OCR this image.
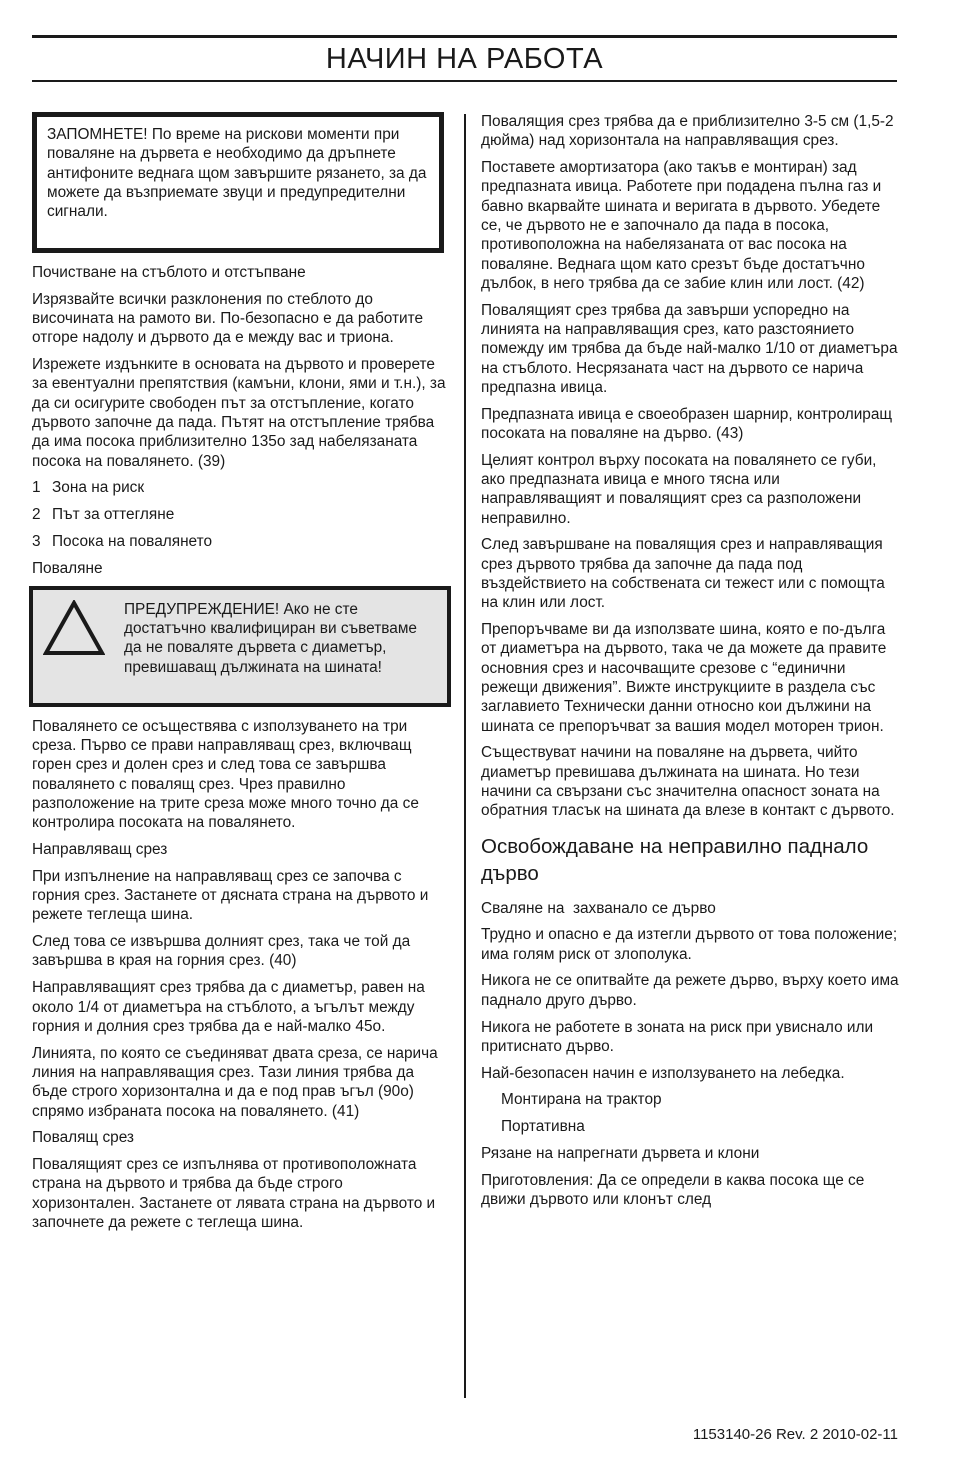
НАЧИН НА РАБОТА
ЗАПОМНЕТЕ! По време на рискови моменти при поваляне на дървета е необходимо да дръпнете антифоните веднага щом завършите рязането, за да можете да възприемате звуци и предупредителни сигнали.

Почистване на стъблото и отстъпване

Изрязвайте всички разклонения по стеблото до височината на рамото ви. По-безопасно е да работите отгоре надолу и дървото да е между вас и триона.

Изрежете издънките в основата на дървото и проверете за евентуални препятствия (камъни, клони, ями и т.н.), за да си осигурите свободен път за отстъпление, когато дървото започне да пада. Пътят на отстъпление трябва да има посока приблизително 135о зад набелязаната посока на повалянето. (39)

1 Зона на риск
2 Път за оттегляне
3 Посока на повалянето

Поваляне

ПРЕДУПРЕЖДЕНИЕ! Ако не сте достатъчно квалифициран ви съветваме да не поваляте дървета с диаметър, превишаващ дължината на шината!

Повалянето се осъществява с използуването на три среза. Първо се прави направляващ срез, включващ горен срез и долен срез и след това се завършва повалянето с повалящ срез. Чрез правилно разположение на трите среза може много точно да се контролира посоката на повалянето.

Направляващ срез

При изпълнение на направляващ срез се започва с горния срез. Застанете от дясната страна на дървото и режете теглеща шина.

След това се извършва долният срез, така че той да завършва в края на горния срез. (40)

Направляващият срез трябва да с диаметър, равен на около 1/4 от диаметъра на стъблото, а ъгълът между горния и долния срез трябва да е най-малко 45о.

Линията, по която се съединяват двата среза, се нарича линия на направляващия срез. Тази линия трябва да бъде строго хоризонтална и да е под прав ъгъл (90о) спрямо избраната посока на повалянето. (41)

Повалящ срез

Повалящият срез се изпълнява от противоположната страна на дървото и трябва да бъде строго хоризонтален. Застанете от лявата страна на дървото и започнете да режете с теглеща шина.

Повалящия срез трябва да е приблизително 3-5 см (1,5-2 дюйма) над хоризонтала на направляващия срез.

Поставете амортизатора (ако такъв е монтиран) зад предпазната ивица. Работете при подадена пълна газ и бавно вкарвайте шината и веригата в дървото. Убедете се, че дървото не е започнало да пада в посока, противоположна на набелязаната от вас посока на поваляне. Веднага щом като срезът бъде достатъчно дълбок, в него трябва да се забие клин или лост. (42)

Повалящият срез трябва да завърши успоредно на линията на направляващия срез, като разстоянието помежду им трябва да бъде най-малко 1/10 от диаметъра на стъблото. Несрязаната част на дървото се нарича предпазна ивица.

Предпазната ивица е своеобразен шарнир, контролиращ посоката на поваляне на дърво. (43)

Целият контрол върху посоката на повалянето се губи, ако предпазната ивица е много тясна или направляващият и повалящият срез са разположени неправилно.

След завършване на повалящия срез и направляващия срез дървото трябва да започне да пада под въздействието на собствената си тежест или с помощта на клин или лост.

Препоръчваме ви да използвате шина, която е по-дълга от диаметъра на дървото, така че да можете да правите основния срез и насочващите срезове с “единични режещи движения”. Вижте инструкциите в раздела със заглавието Технически данни относно кои дължини на шината се препоръчват за вашия модел моторен трион.

Съществуват начини на поваляне на дървета, чийто диаметър превишава дължината на шината. Но тези начини са свързани със значителна опасност зоната на обратния тласък на шината да влезе в контакт с дървото.

Освобождаване на неправилно паднало дърво

Сваляне на  захванало се дърво

Трудно и опасно е да изтегли дървото от това положение; има голям риск от злополука.

Никога не се опитвайте да режете дърво, върху което има паднало друго дърво.

Никога не работете в зоната на риск при увиснало или притиснато дърво.

Най-безопасен начин е използуването на лебедка.

Монтирана на трактор

Портативна

Рязане на напрегнати дървета и клони

Приготовления: Да се определи в каква посока ще се движи дървото или клонът след

1153140-26 Rev. 2 2010-02-11
